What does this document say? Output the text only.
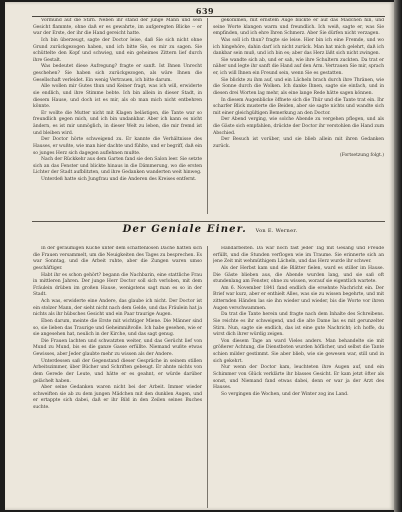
639

Vormund auf die Stirn. Neben ihr stand der junge Mann und sein Gesicht flammte, ohne daß er es gewahrte, im aufgeregten Blicke -- er war der Erste, der ihr die Hand gereicht hatte.

Ich bin überzeugt, sagte der Doctor leise, daß Sie sich nicht ohne Grund zurückgezogen haben, und ich bitte Sie, es mir zu sagen. Sie schüttelte den Kopf und schwieg, und ein geheimes Zittern lief durch ihre Gestalt.

Was bedeutet diese Aufregung? fragte er sanft. Ist Ihnen Unrecht geschehen? Sie haben sich zurückgezogen, als wäre Ihnen die Gesellschaft verleidet. Ein wenig Vertrauen, ich bitte darum.

Alle wollen mir Gutes thun und Keiner fragt, was ich will, erwiderte sie endlich, und ihre Stimme bebte. Ich bin allein in dieser Stadt, in diesem Hause, und doch ist es mir, als ob man mich nicht entbehren könnte.

Er wollte die Mutter nicht mit Klagen belästigen, die Tante war so freundlich gegen mich, und ich bin undankbar. Aber ich kann es nicht ändern, es ist mir unmöglich, in dieser Welt zu leben, die mir fremd ist und bleiben wird.

Der Doctor hörte schweigend zu. Er kannte die Verhältnisse des Hauses, er wußte, wie man hier dachte und fühlte, und er begriff, daß ein so junges Herz sich dagegen auflehnen mußte.

Nach der Rückkehr aus dem Garten fand sie den Salon leer. Sie setzte sich an das Fenster und blickte hinaus in die Dämmerung, wo die ersten Lichter der Stadt aufblitzten, und ihre Gedanken wanderten weit hinweg.

Unterdeß hatte sich Jungfrau und die Anderen des Kreises entfernt.

gekommen, mit ernstem Auge blickte er auf das Mädchen hin, und seine Worte klangen warm und freundlich. Ich weiß, sagte er, was Sie empfinden, und ich ehre Ihren Schmerz. Aber Sie dürfen nicht verzagen.

Was soll ich thun? fragte sie leise. Hier bin ich eine Fremde, und wo ich hingehöre, dahin darf ich nicht zurück. Man hat mich gelehrt, daß ich dankbar sein muß, und ich bin es; aber das Herz läßt sich nicht zwingen.

Sie wandte sich ab, und er sah, wie ihre Schultern zuckten. Da trat er näher und legte ihr sanft die Hand auf den Arm. Vertrauen Sie mir, sprach er, ich will Ihnen ein Freund sein, wenn Sie es gestatten.

Sie blickte zu ihm auf, und ein Lächeln brach durch ihre Thränen, wie die Sonne durch die Wolken. Ich danke Ihnen, sagte sie einfach, und in diesen drei Worten lag mehr, als eine lange Rede hätte sagen können.

In diesem Augenblicke öffnete sich die Thür und die Tante trat ein. Ihr scharfer Blick musterte die Beiden, aber sie sagte nichts und wandte sich mit einer gleichgültigen Bemerkung an den Doctor.

Der Abend verging, wie solche Abende zu vergehen pflegen, und als die Gäste sich empfahlen, drückte der Doctor ihr verstohlen die Hand zum Abschied.

Der Besuch ist vorüber, und sie blieb allein mit ihren Gedanken zurück.

(Fortsetzung folgt.)
Der Geniale Einer. Von E. Werner.

In der geräumigen Küche unter dem schattenlosen Dache hatten sich die Frauen versammelt, um die Neuigkeiten des Tages zu besprechen. Es war Sonntag, und die Arbeit ruhte, aber die Zungen waren umso geschäftiger.

Habt ihr es schon gehört? begann die Nachbarin, eine stattliche Frau in mittleren Jahren. Der junge Herr Doctor soll sich verloben, mit dem Fräulein drüben im großen Hause, wenigstens sagt man es so in der Stadt.

Ach was, erwiderte eine Andere, das glaube ich nicht. Der Doctor ist ein stolzer Mann, der sieht nicht nach dem Gelde, und das Fräulein hat ja nichts als ihr hübsches Gesicht und ein Paar traurige Augen.

Eben darum, meinte die Erste mit wichtiger Miene. Die Männer sind so, sie lieben das Traurige und Geheimnißvolle. Ich habe gesehen, wie er sie angesehen hat, neulich in der Kirche, und das sagt genug.

Die Frauen lachten und schwatzten weiter, und das Gerücht lief von Mund zu Mund, bis es die ganze Gasse erfüllte. Niemand wußte etwas Gewisses, aber Jeder glaubte mehr zu wissen als der Andere.

Unterdessen saß der Gegenstand dieser Gespräche in seinem stillen Arbeitszimmer, über Bücher und Schriften gebeugt. Er ahnte nichts von dem Gerede der Leute, und hätte er es geahnt, er würde darüber gelächelt haben.

Aber seine Gedanken waren nicht bei der Arbeit. Immer wieder schweiften sie ab zu dem jungen Mädchen mit den dunklen Augen, und er ertappte sich dabei, daß er ihr Bild in den Zeilen seines Buches suchte.

Handarbeiten. Da war noch fast jeder Tag mit Gesang und Freude erfüllt, und die Stunden verflogen wie im Traume. Sie erinnerte sich an jene Zeit mit wehmüthigem Lächeln, und das Herz wurde ihr schwer.

Als der Herbst kam und die Blätter fielen, ward es stiller im Hause. Die Gäste blieben aus, die Abende wurden lang, und sie saß oft stundenlang am Fenster, ohne zu wissen, worauf sie eigentlich wartete.

Am 6. November 1841 fand endlich die ersehnte Nachricht ein. Der Brief war kurz, aber er enthielt Alles, was sie zu wissen begehrte, und mit zitternden Händen las sie ihn wieder und wieder, bis die Worte vor ihren Augen verschwammen.

Da trat die Tante herein und fragte nach dem Inhalte des Schreibens. Sie reichte es ihr schweigend, und die alte Dame las es mit gerunzelter Stirn. Nun, sagte sie endlich, das ist eine gute Nachricht; ich hoffe, du wirst dich ihrer würdig zeigen.

Von diesem Tage an ward Vieles anders. Man behandelte sie mit größerer Achtung, die Dienstboten wurden höflicher, und selbst die Tante schien milder gestimmt. Sie aber blieb, wie sie gewesen war, still und in sich gekehrt.

Nur wenn der Doctor kam, leuchteten ihre Augen auf, und ein Schimmer von Glück verklärte ihr blasses Gesicht. Er kam jetzt öfter als sonst, und Niemand fand etwas dabei, denn er war ja der Arzt des Hauses.

So vergingen die Wochen, und der Winter zog ins Land.
